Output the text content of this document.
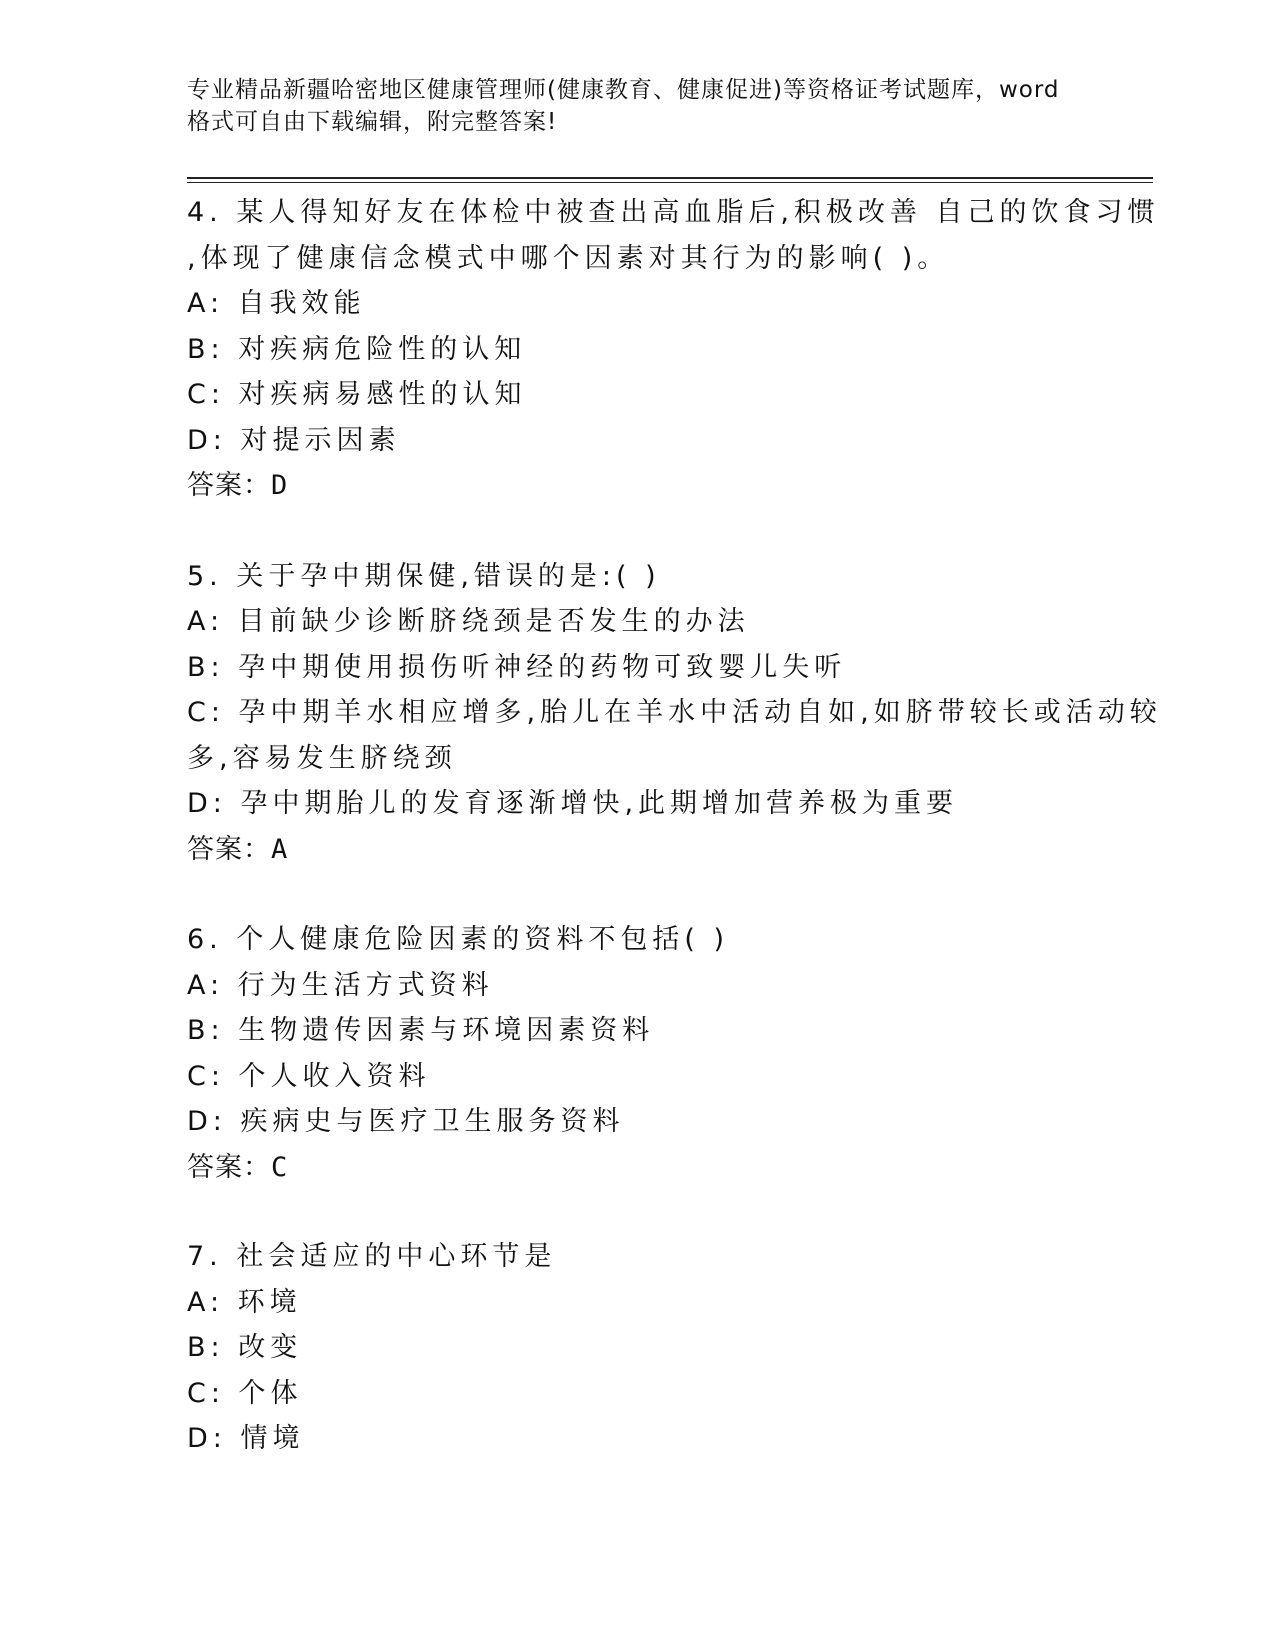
专业精品新疆哈密地区健康管理师(健康教育、健康促进)等资格证考试题库，word
格式可自由下载编辑，附完整答案!
4. 某人得知好友在体检中被查出高血脂后,积极改善 自己的饮食习惯
,体现了健康信念模式中哪个因素对其行为的影响( )。
A: 自我效能
B: 对疾病危险性的认知
C: 对疾病易感性的认知
D: 对提示因素
答案：D
5. 关于孕中期保健,错误的是:( )
A: 目前缺少诊断脐绕颈是否发生的办法
B: 孕中期使用损伤听神经的药物可致婴儿失听
C: 孕中期羊水相应增多,胎儿在羊水中活动自如,如脐带较长或活动较
多,容易发生脐绕颈
D: 孕中期胎儿的发育逐渐增快,此期增加营养极为重要
答案：A
6. 个人健康危险因素的资料不包括( )
A: 行为生活方式资料
B: 生物遗传因素与环境因素资料
C: 个人收入资料
D: 疾病史与医疗卫生服务资料
答案：C
7. 社会适应的中心环节是
A: 环境
B: 改变
C: 个体
D: 情境
